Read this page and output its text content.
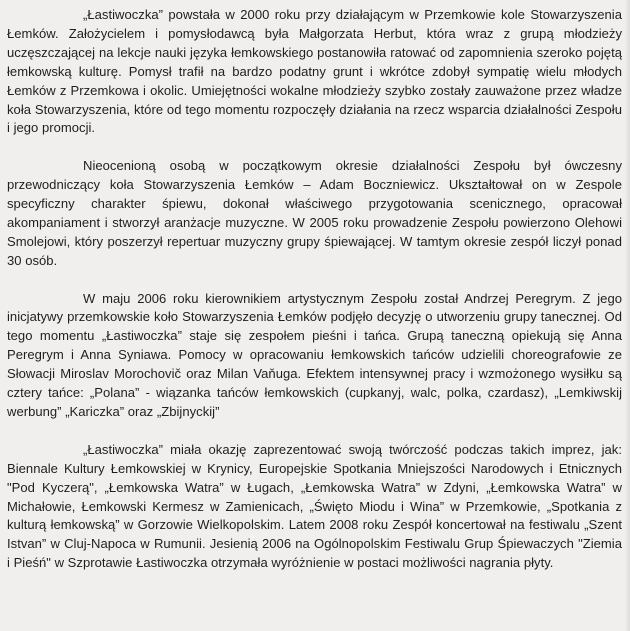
„Łastiwoczka” powstała w 2000 roku przy działającym w Przemkowie kole Stowarzyszenia Łemków. Założycielem i pomysłodawcą była Małgorzata Herbut, która wraz z grupą młodzieży uczęszczającej na lekcje nauki języka łemkowskiego postanowiła ratować od zapomnienia szeroko pojętą łemkowską kulturę. Pomysł trafił na bardzo podatny grunt i wkrótce zdobył sympatię wielu młodych Łemków z Przemkowa i okolic. Umiejętności wokalne młodzieży szybko zostały zauważone przez władze koła Stowarzyszenia, które od tego momentu rozpoczęły działania na rzecz wsparcia działalności Zespołu i jego promocji.

Nieocenioną osobą w początkowym okresie działalności Zespołu był ówczesny przewodniczący koła Stowarzyszenia Łemków – Adam Boczniewicz. Ukształtował on w Zespole specyficzny charakter śpiewu, dokonał właściwego przygotowania scenicznego, opracował akompaniament i stworzył aranżacje muzyczne. W 2005 roku prowadzenie Zespołu powierzono Olehowi Smolejowi, który poszerzył repertuar muzyczny grupy śpiewającej. W tamtym okresie zespół liczył ponad 30 osób.

W maju 2006 roku kierownikiem artystycznym Zespołu został Andrzej Peregrym. Z jego inicjatywy przemkowskie koło Stowarzyszenia Łemków podjęło decyzję o utworzeniu grupy tanecznej. Od tego momentu „Łastiwoczka” staje się zespołem pieśni i tańca. Grupą taneczną opiekują się Anna Peregrym i Anna Syniawa. Pomocy w opracowaniu łemkowskich tańców udzielili choreografowie ze Słowacji Miroslav Morochovič oraz Milan Vaňuga. Efektem intensywnej pracy i wzmożonego wysiłku są cztery tańce: „Polana” - wiązanka tańców łemkowskich (cupkanyj, walc, polka, czardasz), „Lemkiwskij werbung” „Kariczka” oraz „Zbijnyckij”

„Łastiwoczka” miała okazję zaprezentować swoją twórczość podczas takich imprez, jak: Biennale Kultury Łemkowskiej w Krynicy, Europejskie Spotkania Mniejszości Narodowych i Etnicznych "Pod Kyczerą", „Łemkowska Watra” w Ługach, „Łemkowska Watra” w Zdyni, „Łemkowska Watra” w Michałowie, Łemkowski Kermesz w Zamienicach, „Święto Miodu i Wina” w Przemkowie, „Spotkania z kulturą łemkowską” w Gorzowie Wielkopolskim. Latem 2008 roku Zespół koncertował na festiwalu „Szent Istvan” w Cluj-Napoca w Rumunii. Jesienią 2006 na Ogólnopolskim Festiwalu Grup Śpiewaczych "Ziemia i Pieśń" w Szprotawie Łastiwoczka otrzymała wyróżnienie w postaci możliwości nagrania płyty.
